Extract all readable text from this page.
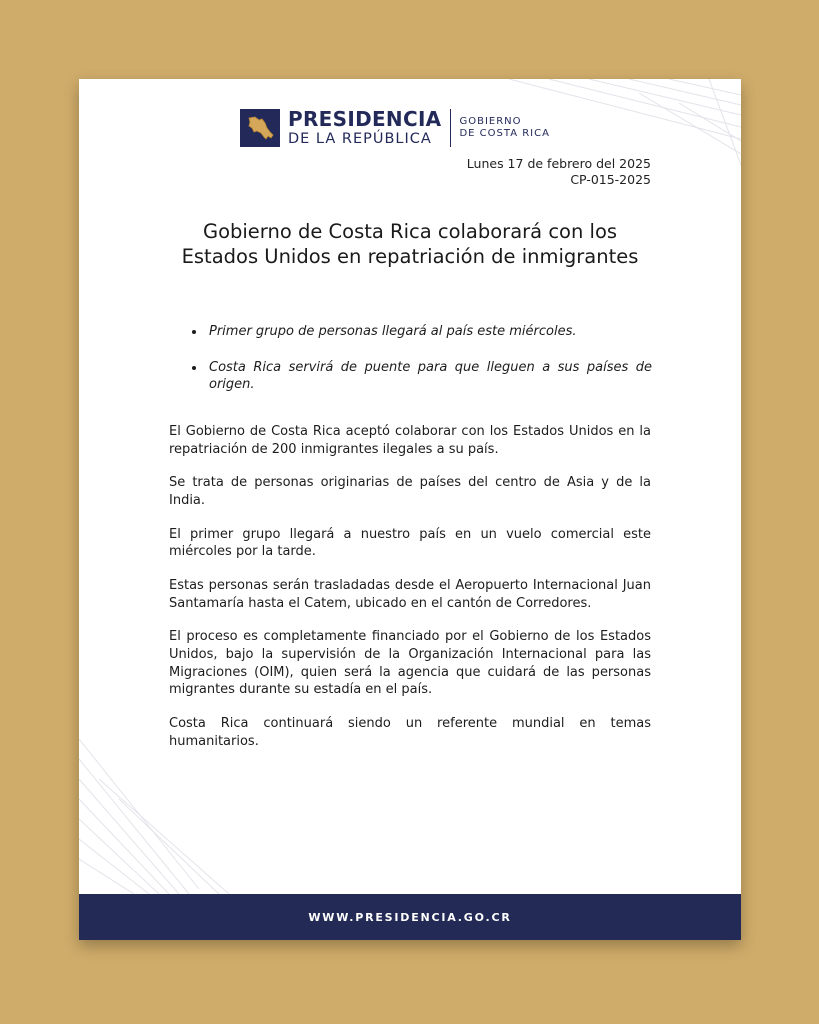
PRESIDENCIA
DE LA REPÚBLICA
GOBIERNO
DE COSTA RICA
Lunes 17 de febrero del 2025
CP-015-2025
Gobierno de Costa Rica colaborará con los Estados Unidos en repatriación de inmigrantes
Primer grupo de personas llegará al país este miércoles.
Costa Rica servirá de puente para que lleguen a sus países de origen.

El Gobierno de Costa Rica aceptó colaborar con los Estados Unidos en la repatriación de 200 inmigrantes ilegales a su país.

Se trata de personas originarias de países del centro de Asia y de la India.

El primer grupo llegará a nuestro país en un vuelo comercial este miércoles por la tarde.

Estas personas serán trasladadas desde el Aeropuerto Internacional Juan Santamaría hasta el Catem, ubicado en el cantón de Corredores.

El proceso es completamente financiado por el Gobierno de los Estados Unidos, bajo la supervisión de la Organización Internacional para las Migraciones (OIM), quien será la agencia que cuidará de las personas migrantes durante su estadía en el país.

Costa Rica continuará siendo un referente mundial en temas humanitarios.

WWW.PRESIDENCIA.GO.CR
